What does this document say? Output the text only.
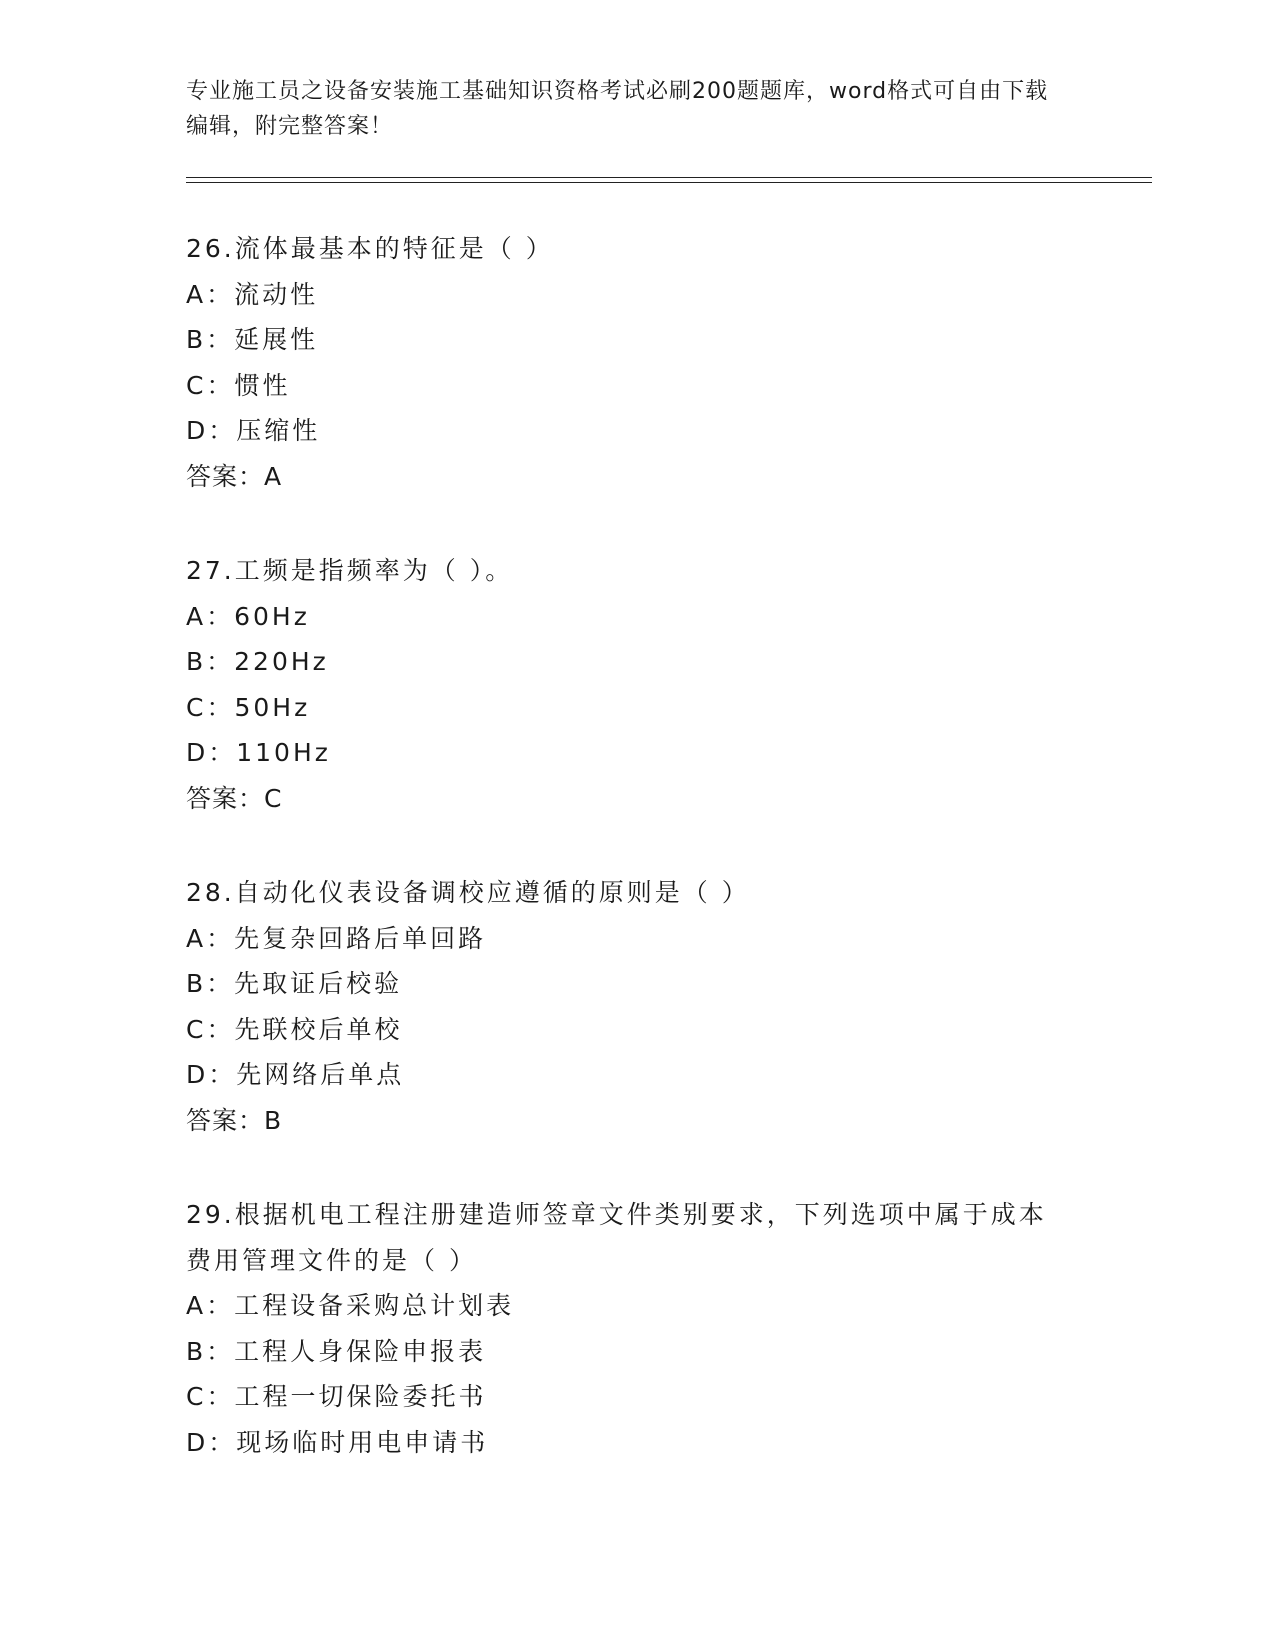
专业施工员之设备安装施工基础知识资格考试必刷200题题库，word格式可自由下载编辑，附完整答案！
26.流体最基本的特征是（ ）
A：流动性
B：延展性
C：惯性
D：压缩性
答案：A
27.工频是指频率为（ ）。
A：60Hz
B：220Hz
C：50Hz
D：110Hz
答案：C
28.自动化仪表设备调校应遵循的原则是（ ）
A：先复杂回路后单回路
B：先取证后校验
C：先联校后单校
D：先网络后单点
答案：B
29.根据机电工程注册建造师签章文件类别要求，下列选项中属于成本费用管理文件的是（ ）
A：工程设备采购总计划表
B：工程人身保险申报表
C：工程一切保险委托书
D：现场临时用电申请书
